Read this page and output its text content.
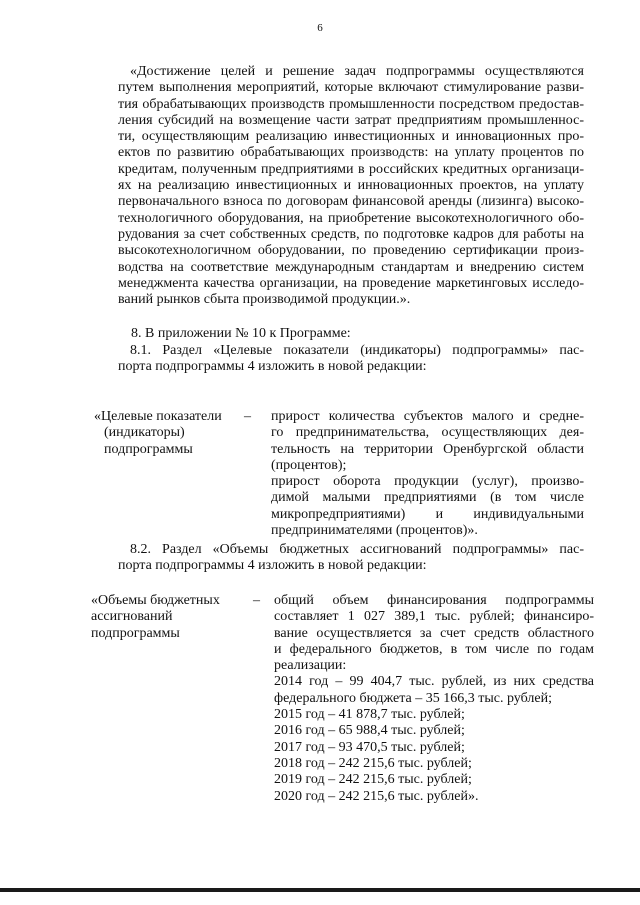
6
«Достижение целей и решение задач подпрограммы осуществляются
путем выполнения мероприятий, которые включают стимулирование разви-
тия обрабатывающих производств промышленности посредством предостав-
ления субсидий на возмещение части затрат предприятиям промышленнос-
ти, осуществляющим реализацию инвестиционных и инновационных про-
ектов по развитию обрабатывающих производств: на уплату процентов по
кредитам, полученным предприятиями в российских кредитных организаци-
ях на реализацию инвестиционных и инновационных проектов, на уплату
первоначального взноса по договорам финансовой аренды (лизинга) высоко-
технологичного оборудования, на приобретение высокотехнологичного обо-
рудования за счет собственных средств, по подготовке кадров для работы на
высокотехнологичном оборудовании, по проведению сертификации произ-
водства на соответствие международным стандартам и внедрению систем
менеджмента качества организации, на проведение маркетинговых исследо-
ваний рынков сбыта производимой продукции.».
8. В приложении № 10 к Программе:
8.1. Раздел «Целевые показатели (индикаторы) подпрограммы» пас-
порта подпрограммы 4 изложить в новой редакции:
«Целевые показатели
(индикаторы)
подпрограммы
– прирост количества субъектов малого и средне-
го предпринимательства, осуществляющих дея-
тельность на территории Оренбургской области
(процентов);
прирост оборота продукции (услуг), произво-
димой малыми предприятиями (в том числе
микропредприятиями) и индивидуальными
предпринимателями (процентов)».
8.2. Раздел «Объемы бюджетных ассигнований подпрограммы» пас-
порта подпрограммы 4 изложить в новой редакции:
«Объемы бюджетных
ассигнований
подпрограммы
– общий объем финансирования подпрограммы
составляет 1 027 389,1 тыс. рублей; финансиро-
вание осуществляется за счет средств областного
и федерального бюджетов, в том числе по годам
реализации:
2014 год – 99 404,7 тыс. рублей, из них средства
федерального бюджета – 35 166,3 тыс. рублей;
2015 год – 41 878,7 тыс. рублей;
2016 год – 65 988,4 тыс. рублей;
2017 год – 93 470,5 тыс. рублей;
2018 год – 242 215,6 тыс. рублей;
2019 год – 242 215,6 тыс. рублей;
2020 год – 242 215,6 тыс. рублей».
